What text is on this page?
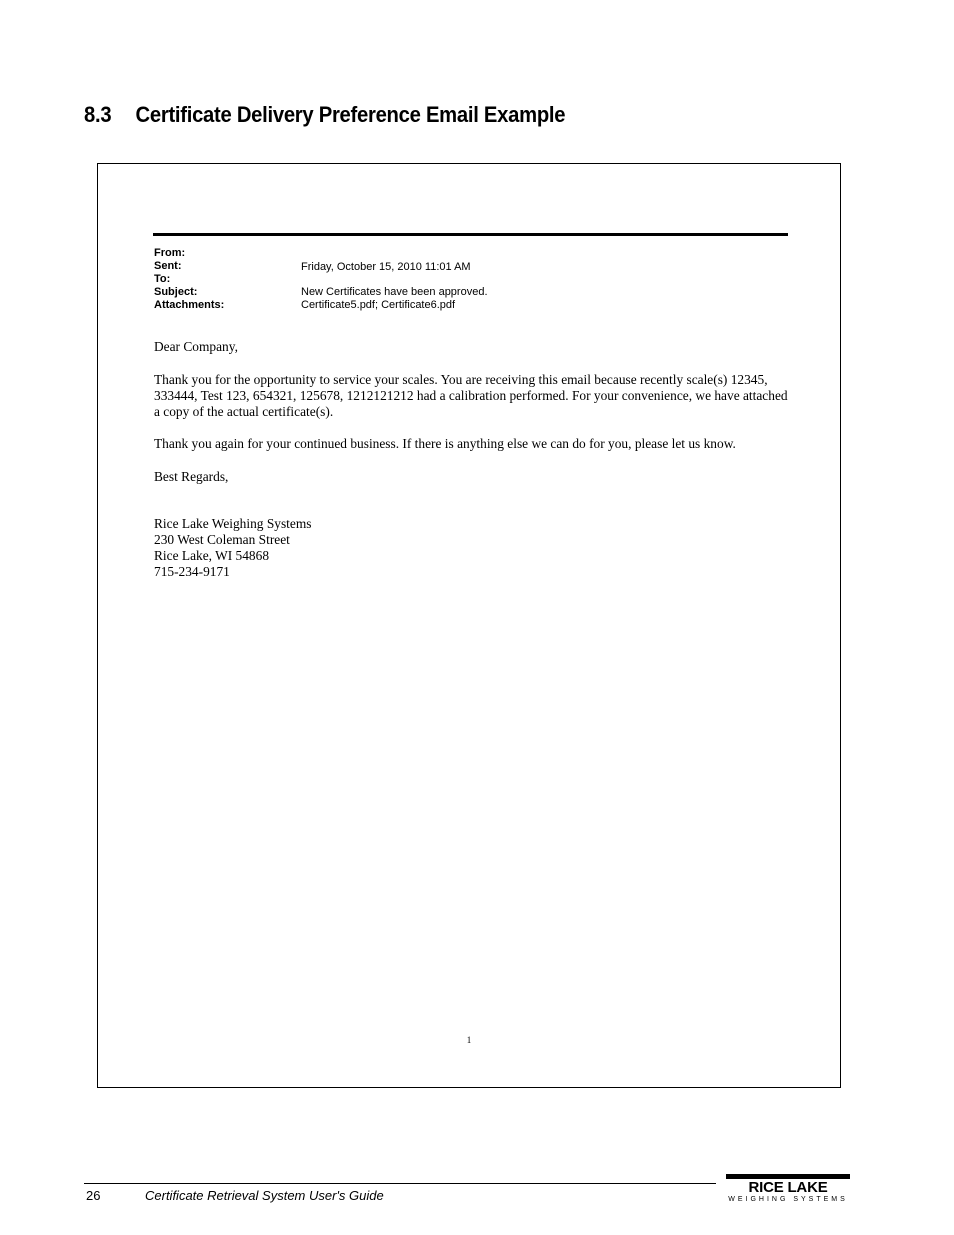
8.3 Certificate Delivery Preference Email Example
From:
Sent:	Friday, October 15, 2010 11:01 AM
To:
Subject:	New Certificates have been approved.
Attachments:	Certificate5.pdf; Certificate6.pdf

Dear Company,

Thank you for the opportunity to service your scales. You are receiving this email because recently scale(s) 12345, 333444, Test 123, 654321, 125678, 1212121212 had a calibration performed. For your convenience, we have attached a copy of the actual certificate(s).

Thank you again for your continued business. If there is anything else we can do for you, please let us know.

Best Regards,

Rice Lake Weighing Systems
230 West Coleman Street
Rice Lake, WI 54868
715-234-9171
1
26	Certificate Retrieval System User's Guide	RICE LAKE
WEIGHING SYSTEMS
